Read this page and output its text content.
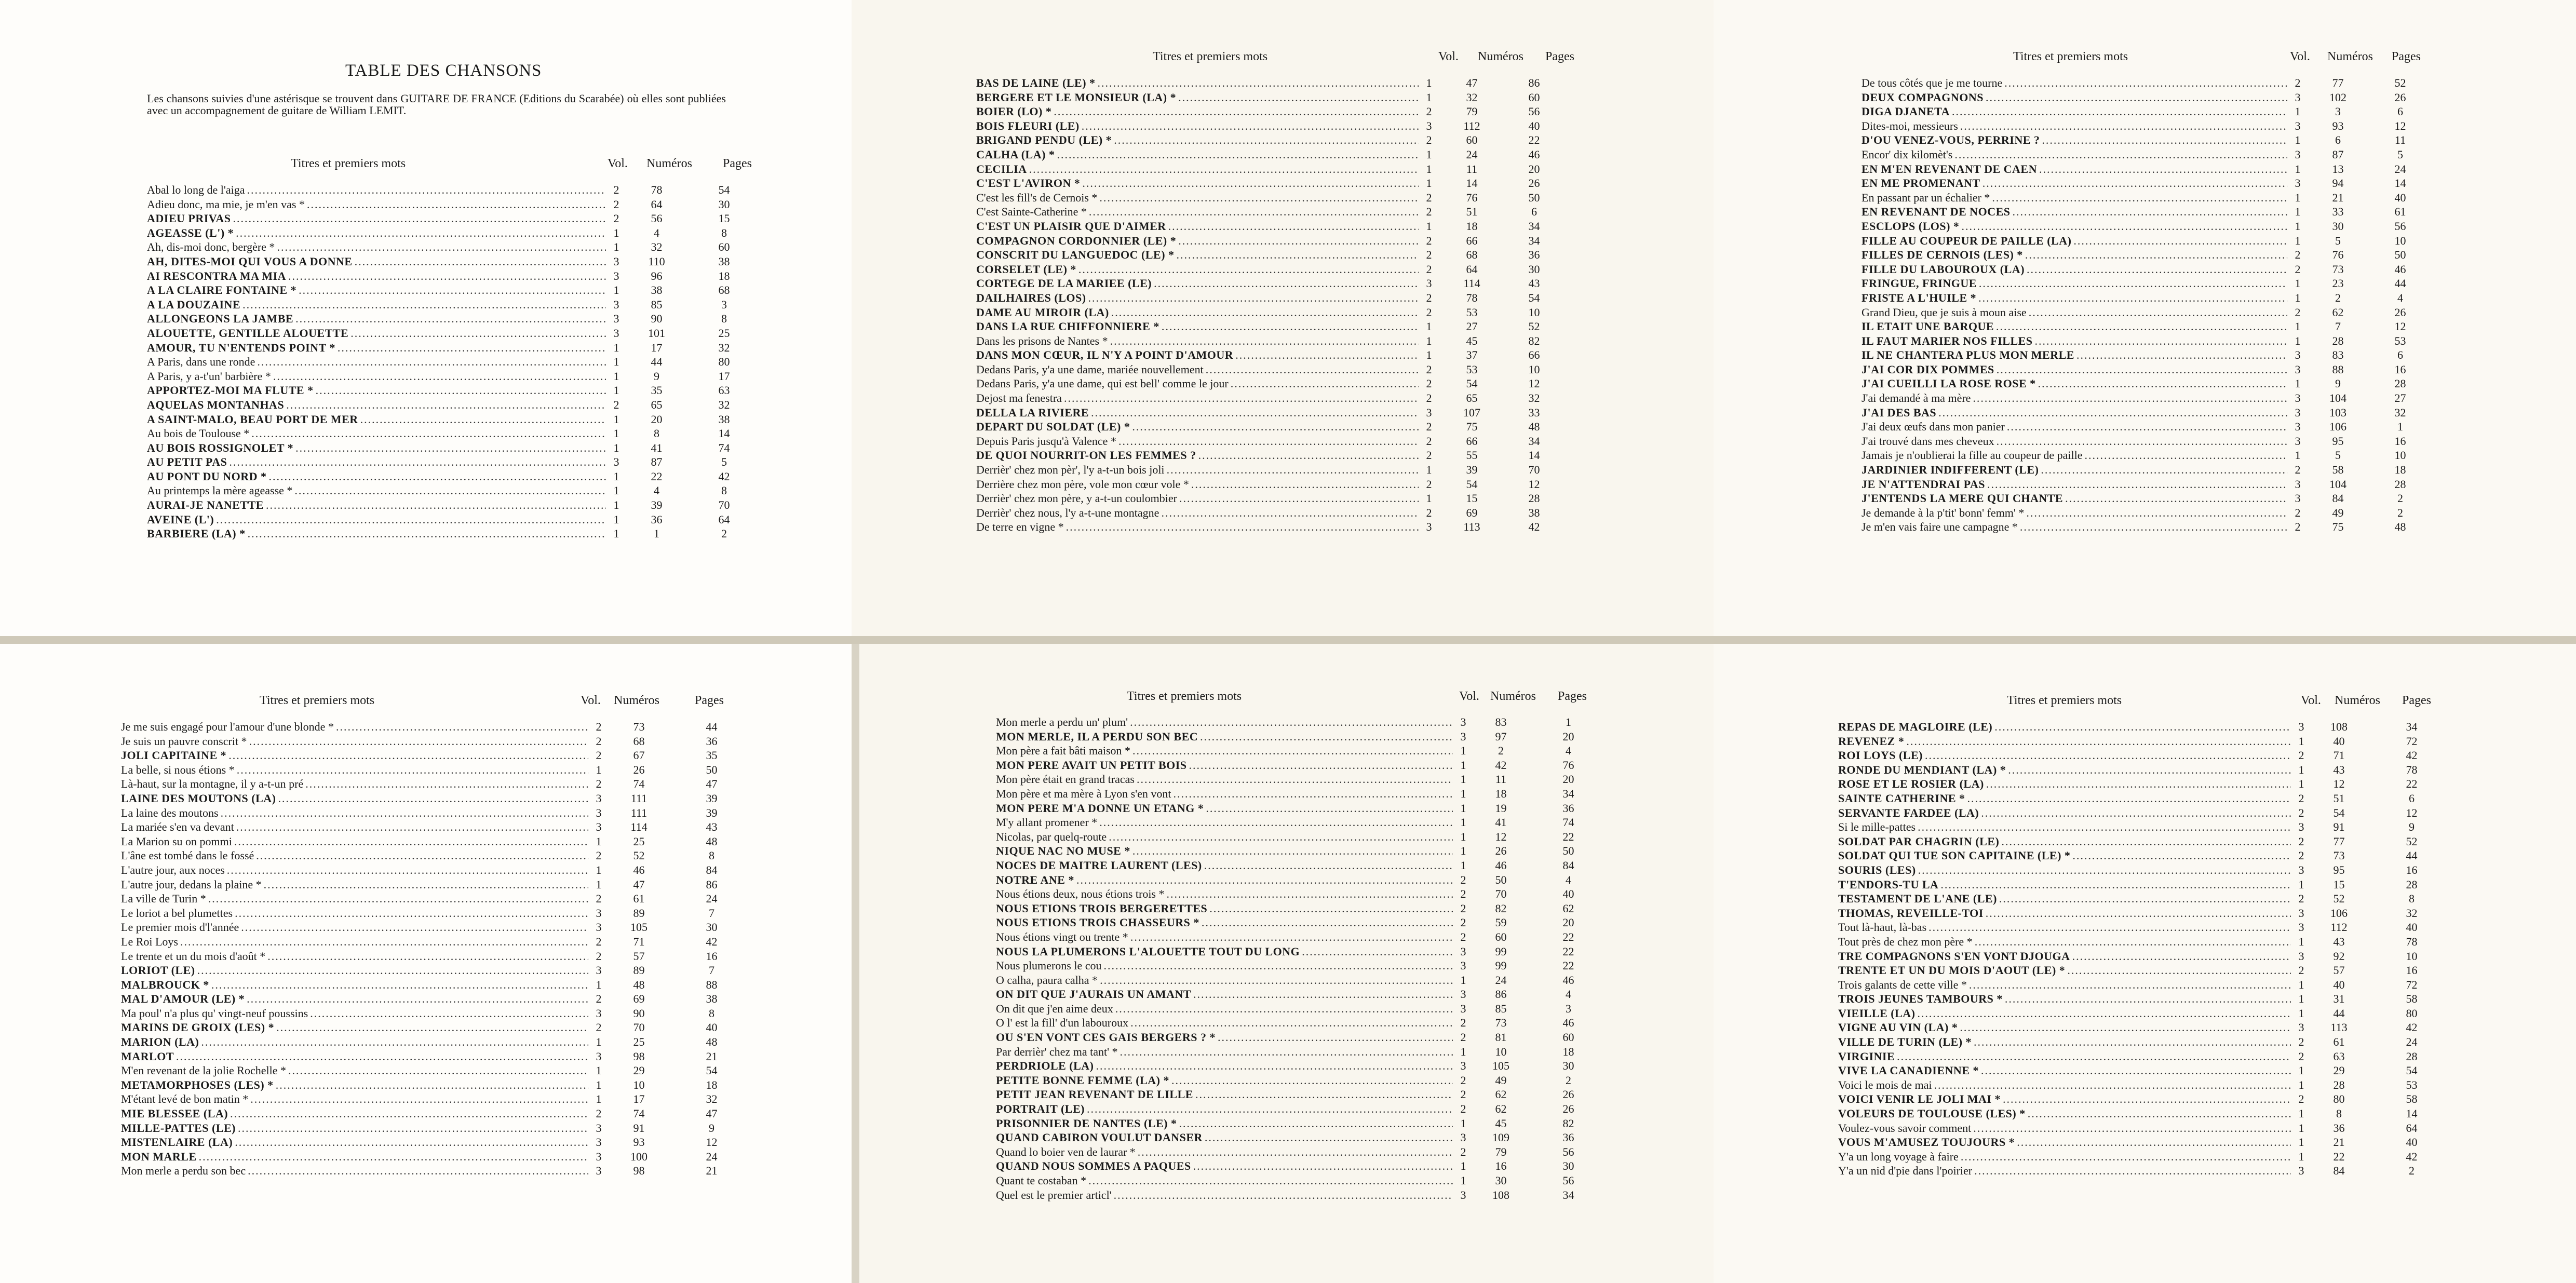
TABLE DES CHANSONS
Les chansons suivies d'une astérisque se trouvent dans GUITARE DE FRANCE (Editions du Scarabée) où elles sont publiées avec un accompagnement de guitare de William LEMIT.
Titres et premiers mots	Vol. Numéros Pages
Abal lo long de l'aiga .....	2	78	54
Adieu donc, ma mie, je m'en vas * .....	2	64	30
ADIEU PRIVAS .....	2	56	15
AGEASSE (L') * .....	1	4	8
Ah, dis-moi donc, bergère * .....	1	32	60
AH, DITES-MOI QUI VOUS A DONNE .....	3	110	38
AI RESCONTRA MA MIA .....	3	96	18
A LA CLAIRE FONTAINE * .....	1	38	68
A LA DOUZAINE .....	3	85	3
ALLONGEONS LA JAMBE .....	3	90	8
ALOUETTE, GENTILLE ALOUETTE .....	3	101	25
AMOUR, TU N'ENTENDS POINT * .....	1	17	32
A Paris, dans une ronde .....	1	44	80
A Paris, y a-t'un' barbière * .....	1	9	17
APPORTEZ-MOI MA FLUTE * .....	1	35	63
AQUELAS MONTANHAS .....	2	65	32
A SAINT-MALO, BEAU PORT DE MER .....	1	20	38
Au bois de Toulouse * .....	1	8	14
AU BOIS ROSSIGNOLET * .....	1	41	74
AU PETIT PAS .....	3	87	5
AU PONT DU NORD * .....	1	22	42
Au printemps la mère ageasse * .....	1	4	8
AURAI-JE NANETTE .....	1	39	70
AVEINE (L') .....	1	36	64
BARBIERE (LA) * .....	1	1	2
Titres et premiers mots	Vol. Numéros Pages
BAS DE LAINE (LE) * .....	1	47	86
BERGERE ET LE MONSIEUR (LA) * .....	1	32	60
BOIER (LO) * .....	2	79	56
BOIS FLEURI (LE) .....	3	112	40
BRIGAND PENDU (LE) * .....	2	60	22
CALHA (LA) * .....	1	24	46
CECILIA .....	1	11	20
C'EST L'AVIRON * .....	1	14	26
C'est les fill's de Cernois * .....	2	76	50
C'est Sainte-Catherine * .....	2	51	6
C'EST UN PLAISIR QUE D'AIMER .....	1	18	34
COMPAGNON CORDONNIER (LE) * .....	2	66	34
CONSCRIT DU LANGUEDOC (LE) * .....	2	68	36
CORSELET (LE) * .....	2	64	30
CORTEGE DE LA MARIEE (LE) .....	3	114	43
DAILHAIRES (LOS) .....	2	78	54
DAME AU MIROIR (LA) .....	2	53	10
DANS LA RUE CHIFFONNIERE * .....	1	27	52
Dans les prisons de Nantes * .....	1	45	82
DANS MON CŒUR, IL N'Y A POINT D'AMOUR .....	1	37	66
Dedans Paris, y'a une dame, mariée nouvellement .....	2	53	10
Dedans Paris, y'a une dame, qui est bell' comme le jour .....	2	54	12
Dejost ma fenestra .....	2	65	32
DELLA LA RIVIERE .....	3	107	33
DEPART DU SOLDAT (LE) * .....	2	75	48
Depuis Paris jusqu'à Valence * .....	2	66	34
DE QUOI NOURRIT-ON LES FEMMES ? .....	2	55	14
Derrièr' chez mon pèr', l'y a-t-un bois joli .....	1	39	70
Derrière chez mon père, vole mon cœur vole * .....	2	54	12
Derrièr' chez mon père, y a-t-un coulombier .....	1	15	28
Derrièr' chez nous, l'y a-t-une montagne .....	2	69	38
De terre en vigne * .....	3	113	42
Titres et premiers mots	Vol. Numéros Pages
De tous côtés que je me tourne .....	2	77	52
DEUX COMPAGNONS .....	3	102	26
DIGA DJANETA .....	1	3	6
Dites-moi, messieurs .....	3	93	12
D'OU VENEZ-VOUS, PERRINE ? .....	1	6	11
Encor' dix kilomèt's .....	3	87	5
EN M'EN REVENANT DE CAEN .....	1	13	24
EN ME PROMENANT .....	3	94	14
En passant par un échalier * .....	1	21	40
EN REVENANT DE NOCES .....	1	33	61
ESCLOPS (LOS) * .....	1	30	56
FILLE AU COUPEUR DE PAILLE (LA) .....	1	5	10
FILLES DE CERNOIS (LES) * .....	2	76	50
FILLE DU LABOUROUX (LA) .....	2	73	46
FRINGUE, FRINGUE .....	1	23	44
FRISTE A L'HUILE * .....	1	2	4
Grand Dieu, que je suis à moun aise .....	2	62	26
IL ETAIT UNE BARQUE .....	1	7	12
IL FAUT MARIER NOS FILLES .....	1	28	53
IL NE CHANTERA PLUS MON MERLE .....	3	83	6
J'AI COR DIX POMMES .....	3	88	16
J'AI CUEILLI LA ROSE ROSE * .....	1	9	28
J'ai demandé à ma mère .....	3	104	27
J'AI DES BAS .....	3	103	32
J'ai deux œufs dans mon panier .....	3	106	1
J'ai trouvé dans mes cheveux .....	3	95	16
Jamais je n'oublierai la fille au coupeur de paille .....	1	5	10
JARDINIER INDIFFERENT (LE) .....	2	58	18
JE N'ATTENDRAI PAS .....	3	104	28
J'ENTENDS LA MERE QUI CHANTE .....	3	84	2
Je demande à la p'tit' bonn' femm' * .....	2	49	2
Je m'en vais faire une campagne * .....	2	75	48
Titres et premiers mots	Vol. Numéros	Pages
Je me suis engagé pour l'amour d'une blonde * .....	2	73	44
Je suis un pauvre conscrit * .....	2	68	36
JOLI CAPITAINE * .....	2	67	35
La belle, si nous étions * .....	1	26	50
Là-haut, sur la montagne, il y a-t-un pré .....	2	74	47
LAINE DES MOUTONS (LA) .....	3	111	39
La laine des moutons .....	3	111	39
La mariée s'en va devant .....	3	114	43
La Marion su on pommi .....	1	25	48
L'âne est tombé dans le fossé .....	2	52	8
L'autre jour, aux noces .....	1	46	84
L'autre jour, dedans la plaine * .....	1	47	86
La ville de Turin * .....	2	61	24
Le loriot a bel plumettes .....	3	89	7
Le premier mois d'l'année .....	3	105	30
Le Roi Loys .....	2	71	42
Le trente et un du mois d'août * .....	2	57	16
LORIOT (LE) .....	3	89	7
MALBROUCK * .....	1	48	88
MAL D'AMOUR (LE) * .....	2	69	38
Ma poul' n'a plus qu' vingt-neuf poussins .....	3	90	8
MARINS DE GROIX (LES) * .....	2	70	40
MARION (LA) .....	1	25	48
MARLOT .....	3	98	21
M'en revenant de la jolie Rochelle * .....	1	29	54
METAMORPHOSES (LES) * .....	1	10	18
M'étant levé de bon matin * .....	1	17	32
MIE BLESSEE (LA) .....	2	74	47
MILLE-PATTES (LE) .....	3	91	9
MISTENLAIRE (LA) .....	3	93	12
MON MARLE .....	3	100	24
Mon merle a perdu son bec .....	3	98	21
Titres et premiers mots	Vol. Numéros Pages
Mon merle a perdu un' plum' .....	3	83	1
MON MERLE, IL A PERDU SON BEC .....	3	97	20
Mon père a fait bâti maison * .....	1	2	4
MON PERE AVAIT UN PETIT BOIS .....	1	42	76
Mon père était en grand tracas .....	1	11	20
Mon père et ma mère à Lyon s'en vont .....	1	18	34
MON PERE M'A DONNE UN ETANG * .....	1	19	36
M'y allant promener * .....	1	41	74
Nicolas, par quelq-route .....	1	12	22
NIQUE NAC NO MUSE * .....	1	26	50
NOCES DE MAITRE LAURENT (LES) .....	1	46	84
NOTRE ANE * .....	2	50	4
Nous étions deux, nous étions trois * .....	2	70	40
NOUS ETIONS TROIS BERGERETTES .....	2	82	62
NOUS ETIONS TROIS CHASSEURS * .....	2	59	20
Nous étions vingt ou trente * .....	2	60	22
NOUS LA PLUMERONS L'ALOUETTE TOUT DU LONG .....	3	99	22
Nous plumerons le cou .....	3	99	22
O calha, paura calha * .....	1	24	46
ON DIT QUE J'AURAIS UN AMANT .....	3	86	4
On dit que j'en aime deux .....	3	85	3
O l' est la fill' d'un labouroux .....	2	73	46
OU S'EN VONT CES GAIS BERGERS ? * .....	2	81	60
Par derrièr' chez ma tant' * .....	1	10	18
PERDRIOLE (LA) .....	3	105	30
PETITE BONNE FEMME (LA) * .....	2	49	2
PETIT JEAN REVENANT DE LILLE .....	2	62	26
PORTRAIT (LE) .....	2	62	26
PRISONNIER DE NANTES (LE) * .....	1	45	82
QUAND CABIRON VOULUT DANSER .....	3	109	36
Quand lo boier ven de laurar * .....	2	79	56
QUAND NOUS SOMMES A PAQUES .....	1	16	30
Quant te costaban * .....	1	30	56
Quel est le premier articl' .....	3	108	34
Titres et premiers mots	Vol. Numéros Pages
REPAS DE MAGLOIRE (LE) .....	3	108	34
REVENEZ * .....	1	40	72
ROI LOYS (LE) .....	2	71	42
RONDE DU MENDIANT (LA) * .....	1	43	78
ROSE ET LE ROSIER (LA) .....	1	12	22
SAINTE CATHERINE * .....	2	51	6
SERVANTE FARDEE (LA) .....	2	54	12
Si le mille-pattes .....	3	91	9
SOLDAT PAR CHAGRIN (LE) .....	2	77	52
SOLDAT QUI TUE SON CAPITAINE (LE) * .....	2	73	44
SOURIS (LES) .....	3	95	16
T'ENDORS-TU LA .....	1	15	28
TESTAMENT DE L'ANE (LE) .....	2	52	8
THOMAS, REVEILLE-TOI .....	3	106	32
Tout là-haut, là-bas .....	3	112	40
Tout près de chez mon père * .....	1	43	78
TRE COMPAGNONS S'EN VONT DJOUGA .....	3	92	10
TRENTE ET UN DU MOIS D'AOUT (LE) * .....	2	57	16
Trois galants de cette ville * .....	1	40	72
TROIS JEUNES TAMBOURS * .....	1	31	58
VIEILLE (LA) .....	1	44	80
VIGNE AU VIN (LA) * .....	3	113	42
VILLE DE TURIN (LE) * .....	2	61	24
VIRGINIE .....	2	63	28
VIVE LA CANADIENNE * .....	1	29	54
Voici le mois de mai .....	1	28	53
VOICI VENIR LE JOLI MAI * .....	2	80	58
VOLEURS DE TOULOUSE (LES) * .....	1	8	14
Voulez-vous savoir comment .....	1	36	64
VOUS M'AMUSEZ TOUJOURS * .....	1	21	40
Y'a un long voyage à faire .....	1	22	42
Y'a un nid d'pie dans l'poirier .....	3	84	2
